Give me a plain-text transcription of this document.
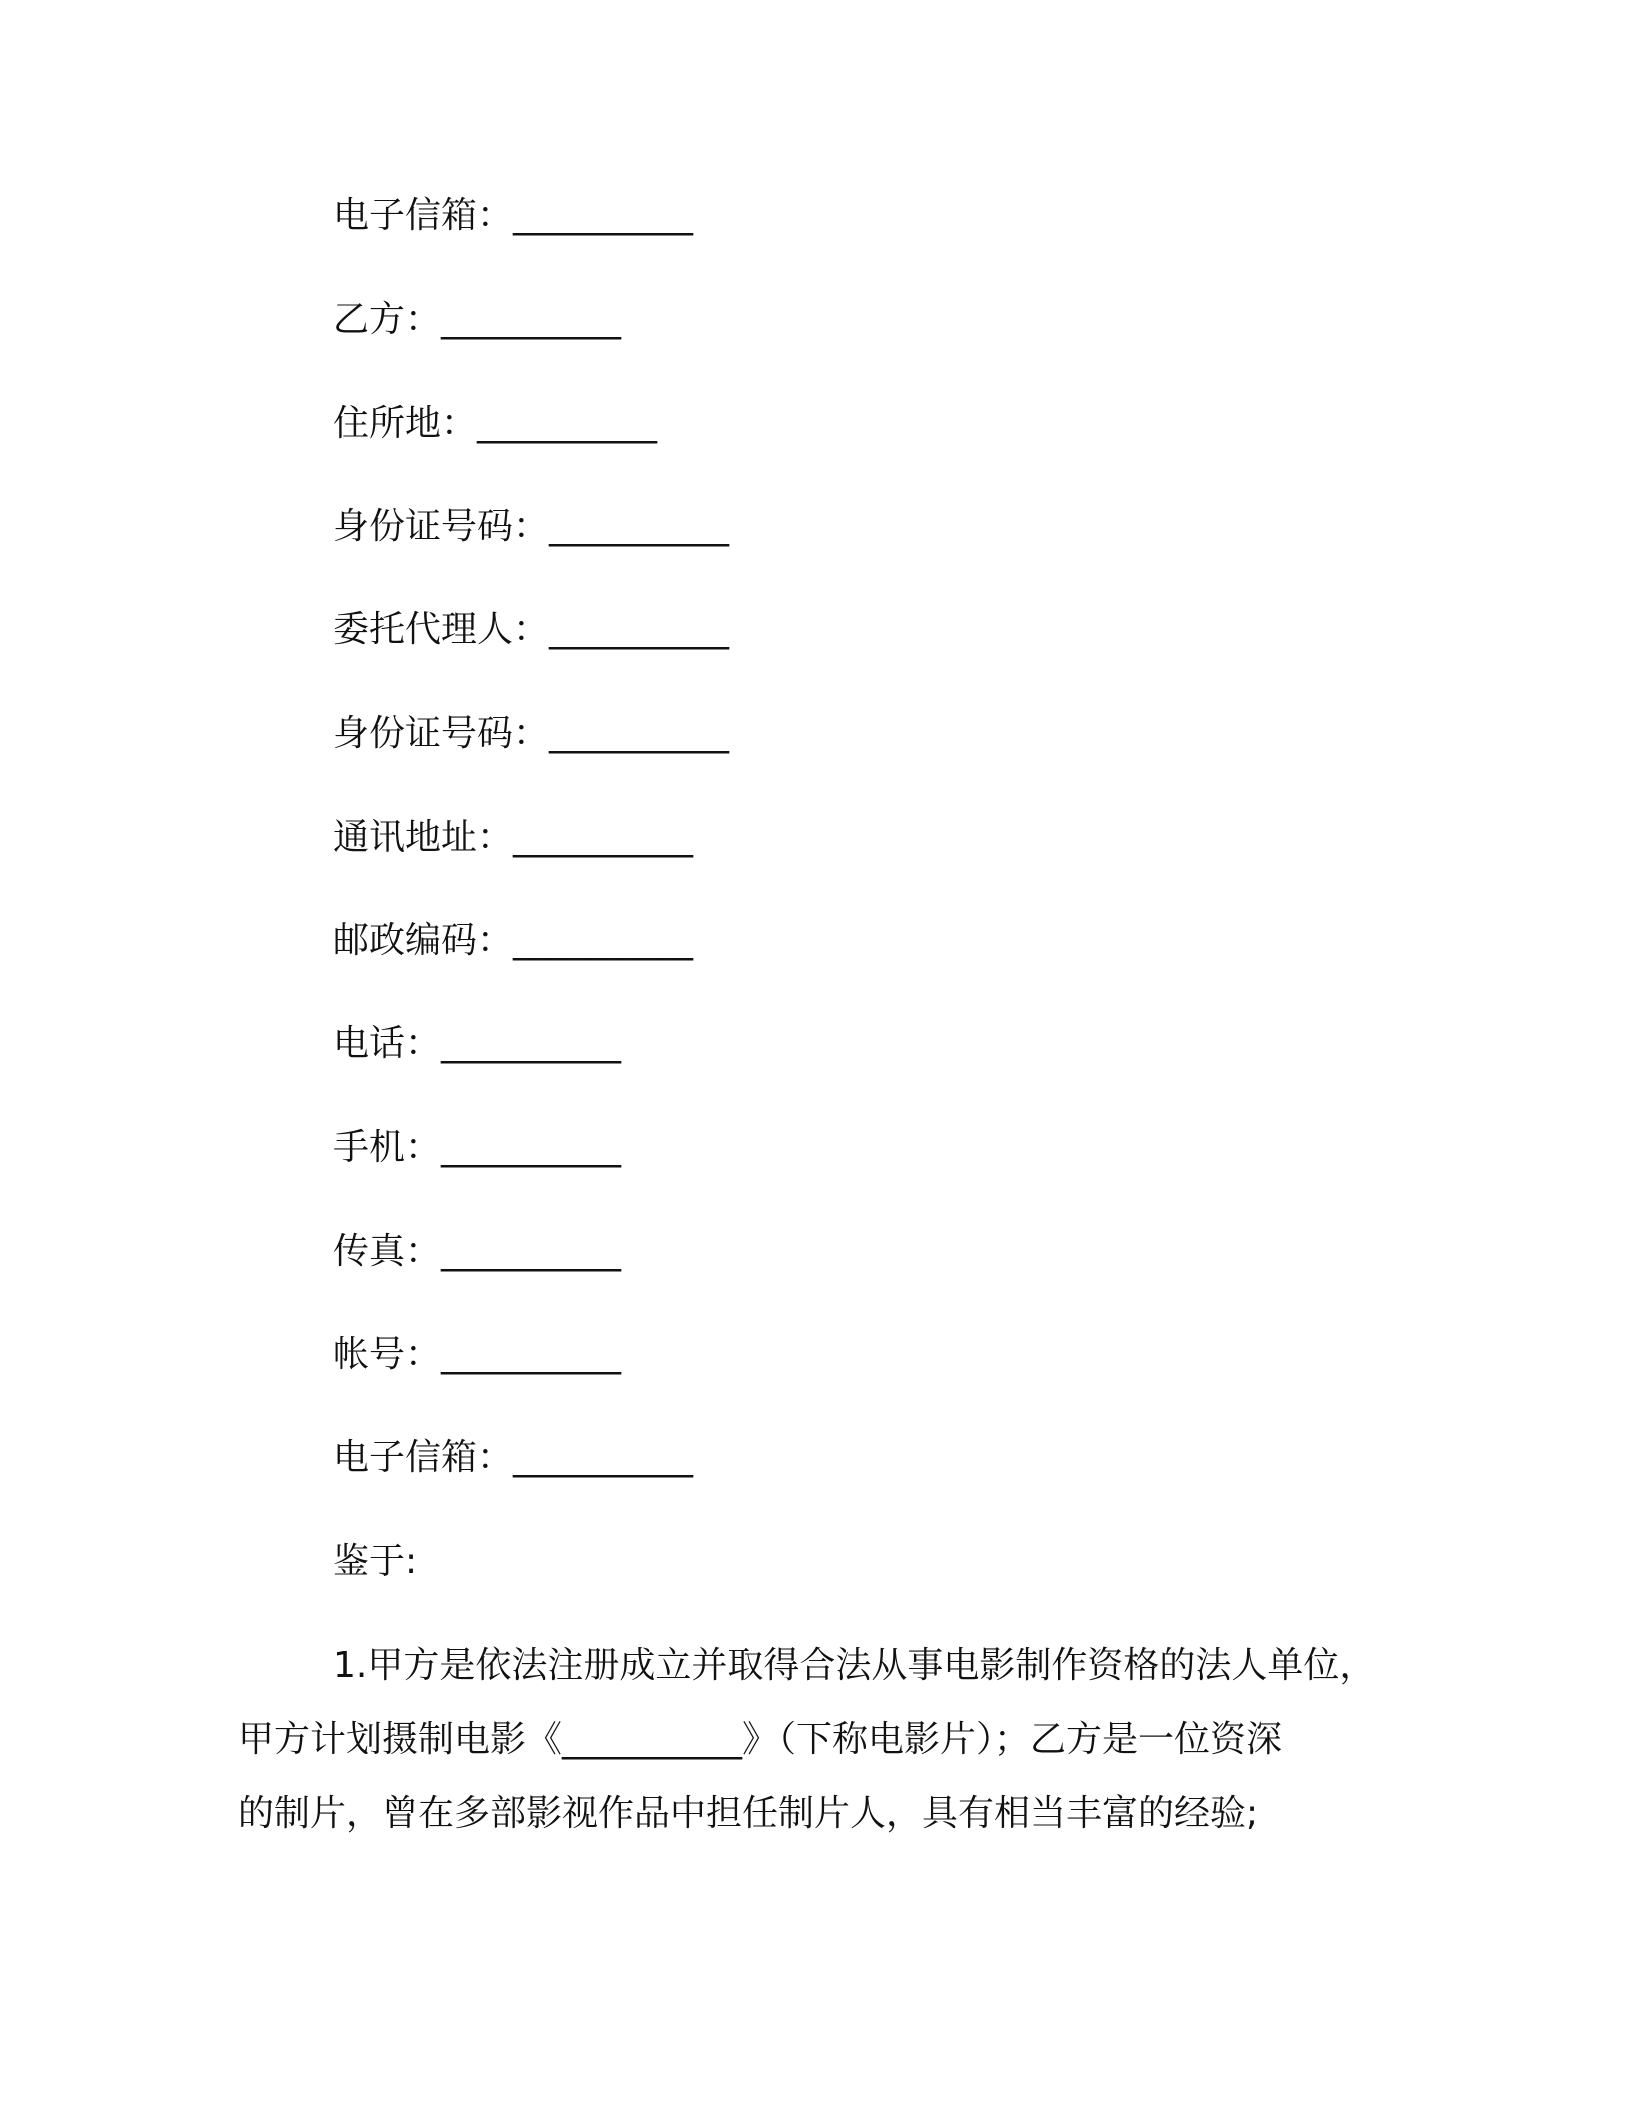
电子信箱：__________
乙方：__________
住所地：__________
身份证号码：__________
委托代理人：__________
身份证号码：__________
通讯地址：__________
邮政编码：__________
电话：__________
手机：__________
传真：__________
帐号：__________
电子信箱：__________
鉴于:
1.甲方是依法注册成立并取得合法从事电影制作资格的法人单位，
甲方计划摄制电影《__________》（下称电影片）；乙方是一位资深
的制片，曾在多部影视作品中担任制片人，具有相当丰富的经验;
